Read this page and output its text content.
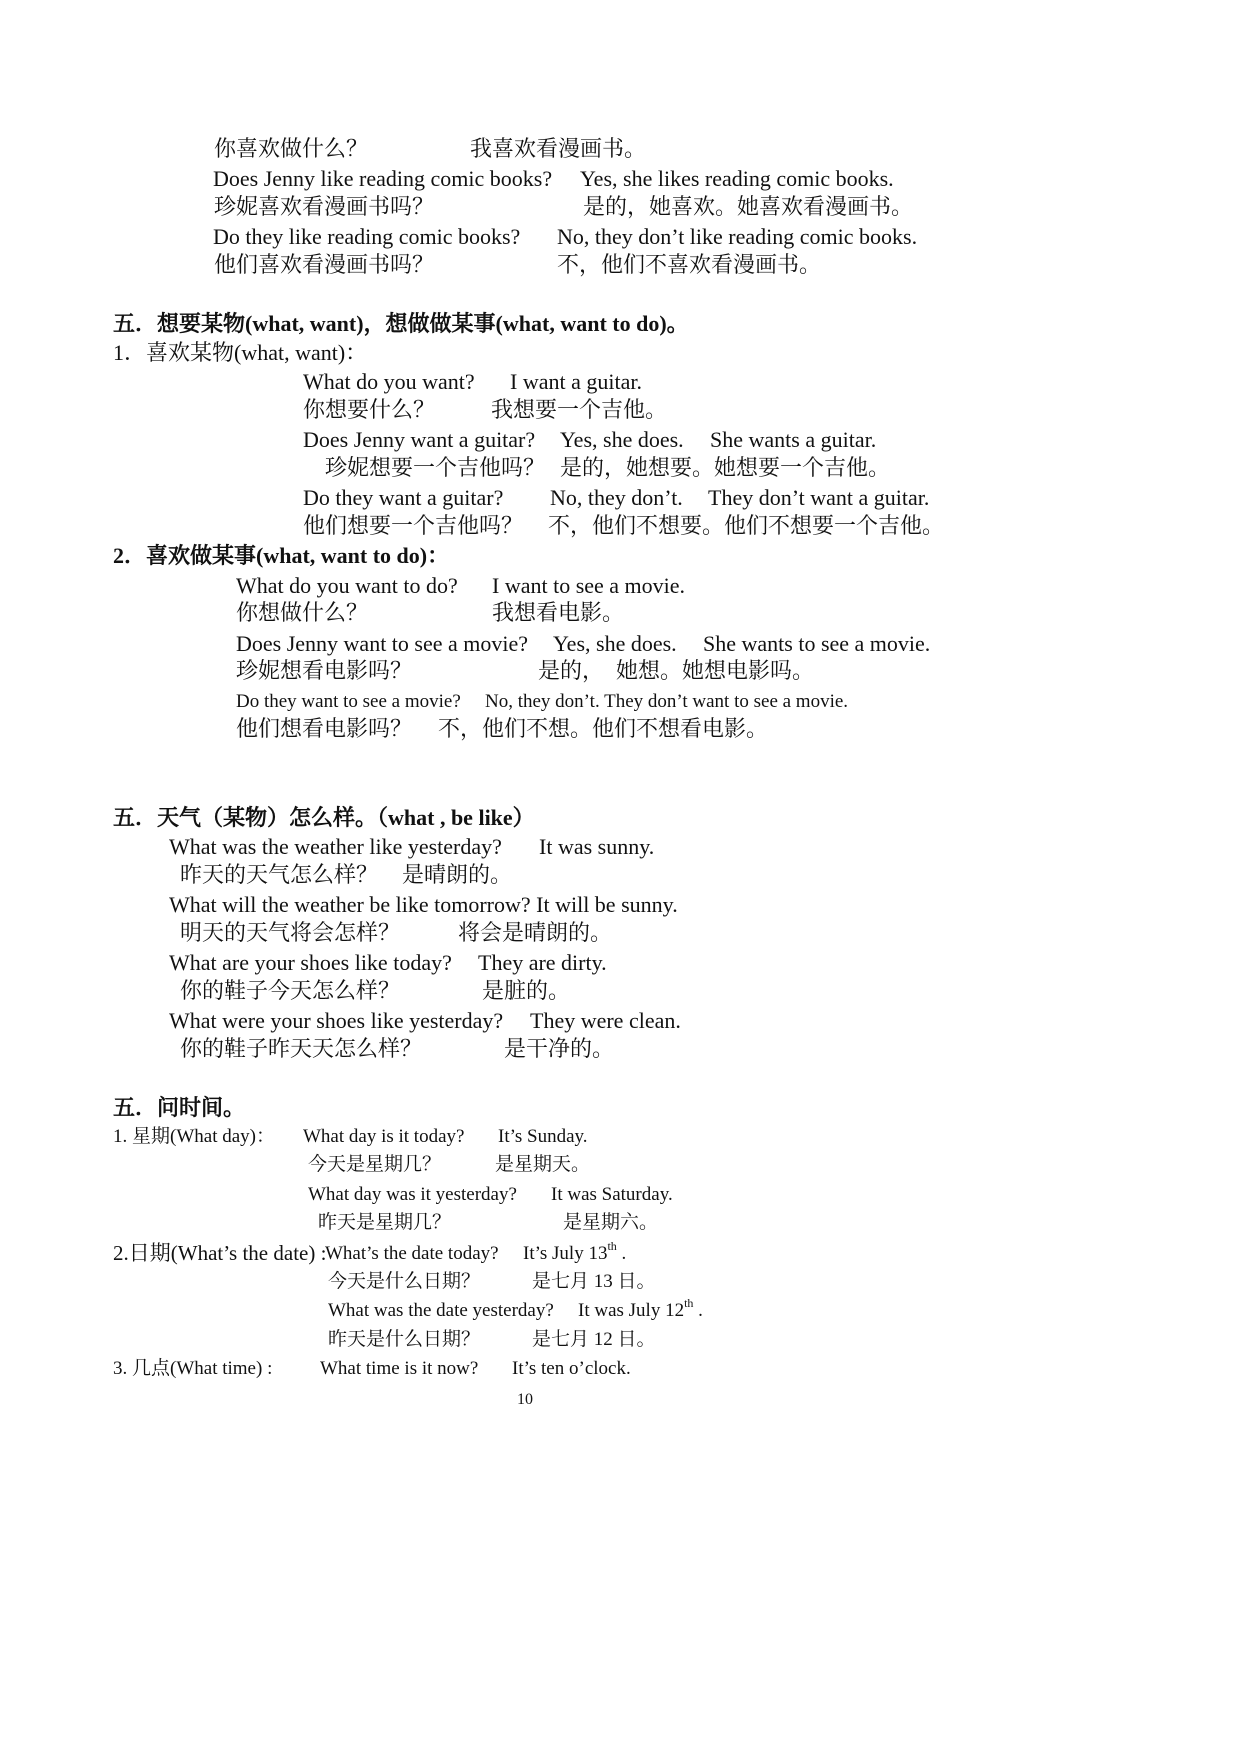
你喜欢做什么？	我喜欢看漫画书。
Does Jenny like reading comic books? Yes, she likes reading comic books.
珍妮喜欢看漫画书吗？	是的，她喜欢。她喜欢看漫画书。
Do they like reading comic books? No, they don’t like reading comic books.
他们喜欢看漫画书吗？	不，他们不喜欢看漫画书。
五．想要某物(what, want)，想做做某事(what, want to do)。
1．喜欢某物(what, want)：
What do you want? I want a guitar.
你想要什么？	我想要一个吉他。
Does Jenny want a guitar? Yes, she does. She wants a guitar.
珍妮想要一个吉他吗？ 是的，她想要。她想要一个吉他。
Do they want a guitar? No, they don’t. They don’t want a guitar.
他们想要一个吉他吗？ 不，他们不想要。他们不想要一个吉他。
2．喜欢做某事(what, want to do)：
What do you want to do? I want to see a movie.
你想做什么？	我想看电影。
Does Jenny want to see a movie? Yes, she does. She wants to see a movie.
珍妮想看电影吗？	是的， 她想。她想电影吗。
Do they want to see a movie? No, they don’t. They don’t want to see a movie.
他们想看电影吗？ 不，他们不想。他们不想看电影。
五．天气（某物）怎么样。（what , be like）
What was the weather like yesterday? It was sunny.
昨天的天气怎么样？ 是晴朗的。
What will the weather be like tomorrow? It will be sunny.
明天的天气将会怎样？	将会是晴朗的。
What are your shoes like today? They are dirty.
你的鞋子今天怎么样？	是脏的。
What were your shoes like yesterday? They were clean.
你的鞋子昨天天怎么样？	是干净的。
五．问时间。
1. 星期(What day)： What day is it today? It’s Sunday.
今天是星期几？	是星期天。
What day was it yesterday? It was Saturday.
昨天是星期几？	是星期六。
2.日期(What’s the date) :
What’s the date today? It’s July 13th .
今天是什么日期？	是七月 13 日。
What was the date yesterday? It was July 12th .
昨天是什么日期？	是七月 12 日。
3. 几点(What time) :	What time is it now? It’s ten o’clock.
10
